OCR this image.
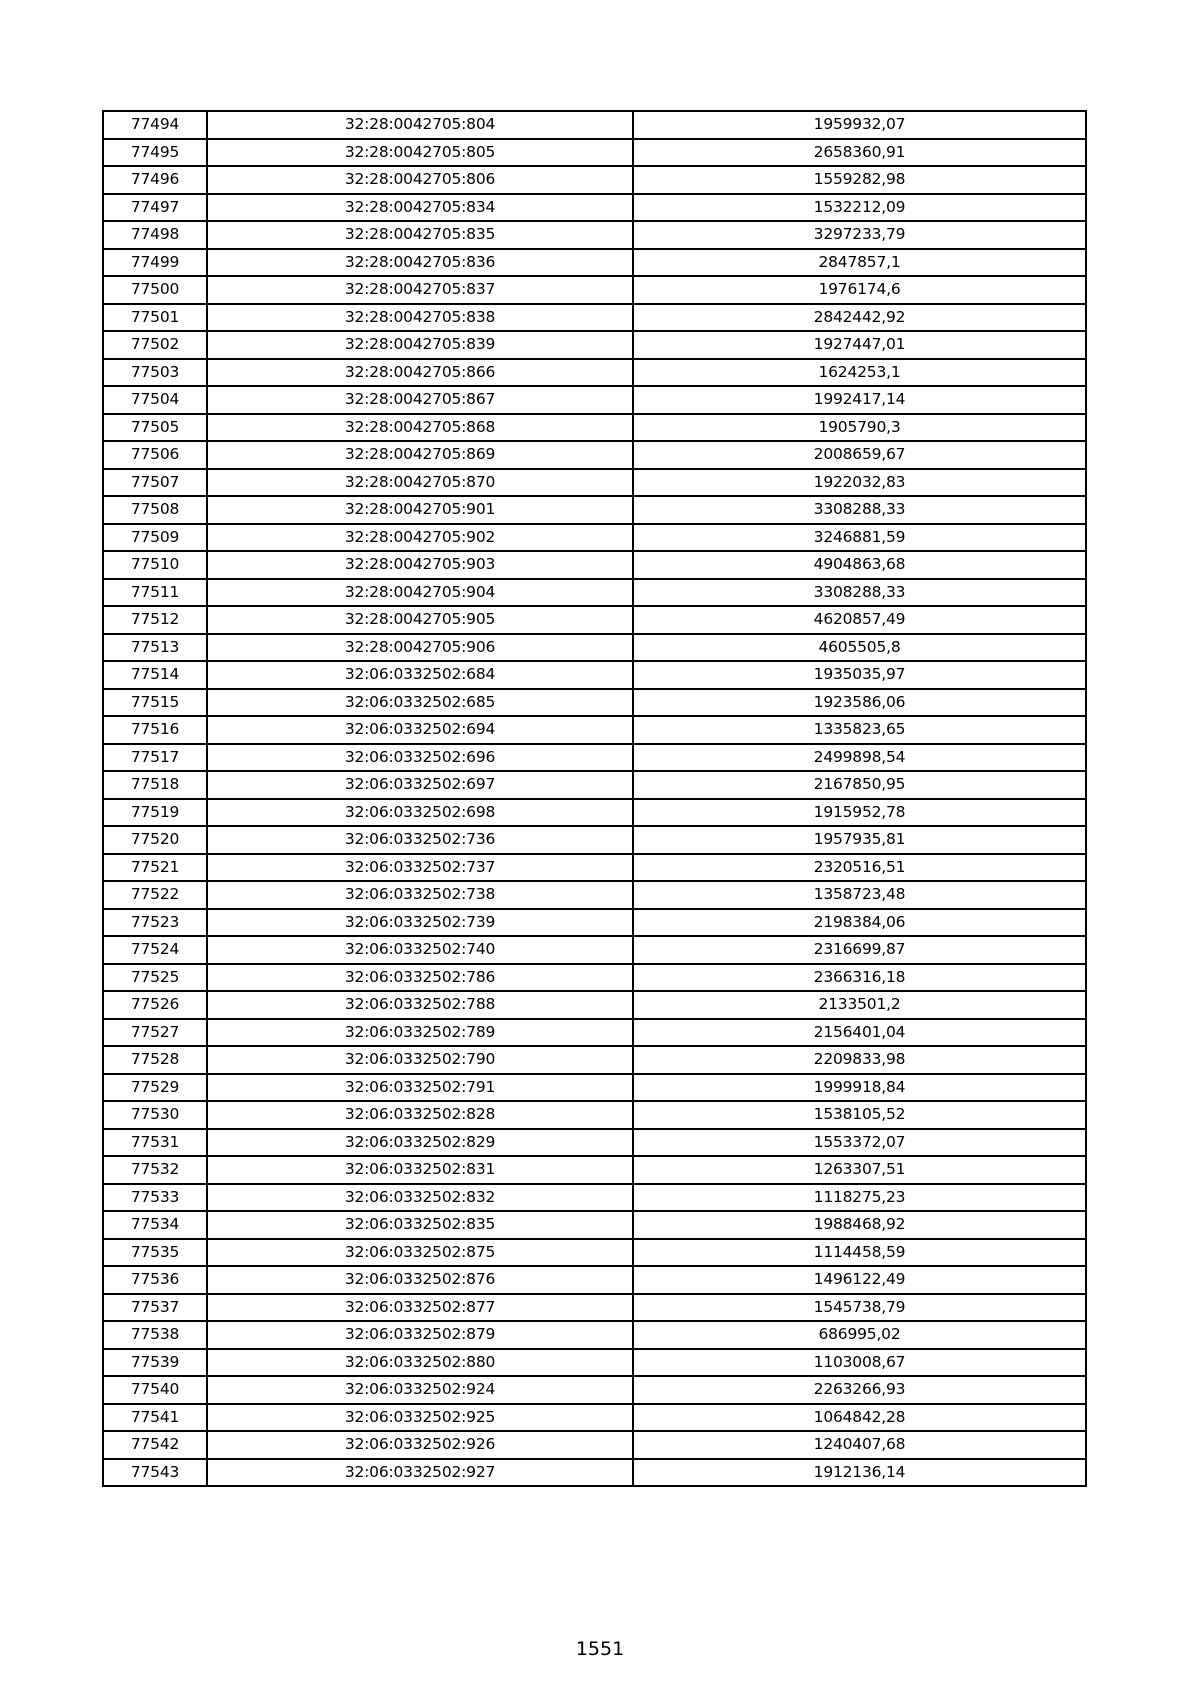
77494	32:28:0042705:804	1959932,07
77495	32:28:0042705:805	2658360,91
77496	32:28:0042705:806	1559282,98
77497	32:28:0042705:834	1532212,09
77498	32:28:0042705:835	3297233,79
77499	32:28:0042705:836	2847857,1
77500	32:28:0042705:837	1976174,6
77501	32:28:0042705:838	2842442,92
77502	32:28:0042705:839	1927447,01
77503	32:28:0042705:866	1624253,1
77504	32:28:0042705:867	1992417,14
77505	32:28:0042705:868	1905790,3
77506	32:28:0042705:869	2008659,67
77507	32:28:0042705:870	1922032,83
77508	32:28:0042705:901	3308288,33
77509	32:28:0042705:902	3246881,59
77510	32:28:0042705:903	4904863,68
77511	32:28:0042705:904	3308288,33
77512	32:28:0042705:905	4620857,49
77513	32:28:0042705:906	4605505,8
77514	32:06:0332502:684	1935035,97
77515	32:06:0332502:685	1923586,06
77516	32:06:0332502:694	1335823,65
77517	32:06:0332502:696	2499898,54
77518	32:06:0332502:697	2167850,95
77519	32:06:0332502:698	1915952,78
77520	32:06:0332502:736	1957935,81
77521	32:06:0332502:737	2320516,51
77522	32:06:0332502:738	1358723,48
77523	32:06:0332502:739	2198384,06
77524	32:06:0332502:740	2316699,87
77525	32:06:0332502:786	2366316,18
77526	32:06:0332502:788	2133501,2
77527	32:06:0332502:789	2156401,04
77528	32:06:0332502:790	2209833,98
77529	32:06:0332502:791	1999918,84
77530	32:06:0332502:828	1538105,52
77531	32:06:0332502:829	1553372,07
77532	32:06:0332502:831	1263307,51
77533	32:06:0332502:832	1118275,23
77534	32:06:0332502:835	1988468,92
77535	32:06:0332502:875	1114458,59
77536	32:06:0332502:876	1496122,49
77537	32:06:0332502:877	1545738,79
77538	32:06:0332502:879	686995,02
77539	32:06:0332502:880	1103008,67
77540	32:06:0332502:924	2263266,93
77541	32:06:0332502:925	1064842,28
77542	32:06:0332502:926	1240407,68
77543	32:06:0332502:927	1912136,14
1551
